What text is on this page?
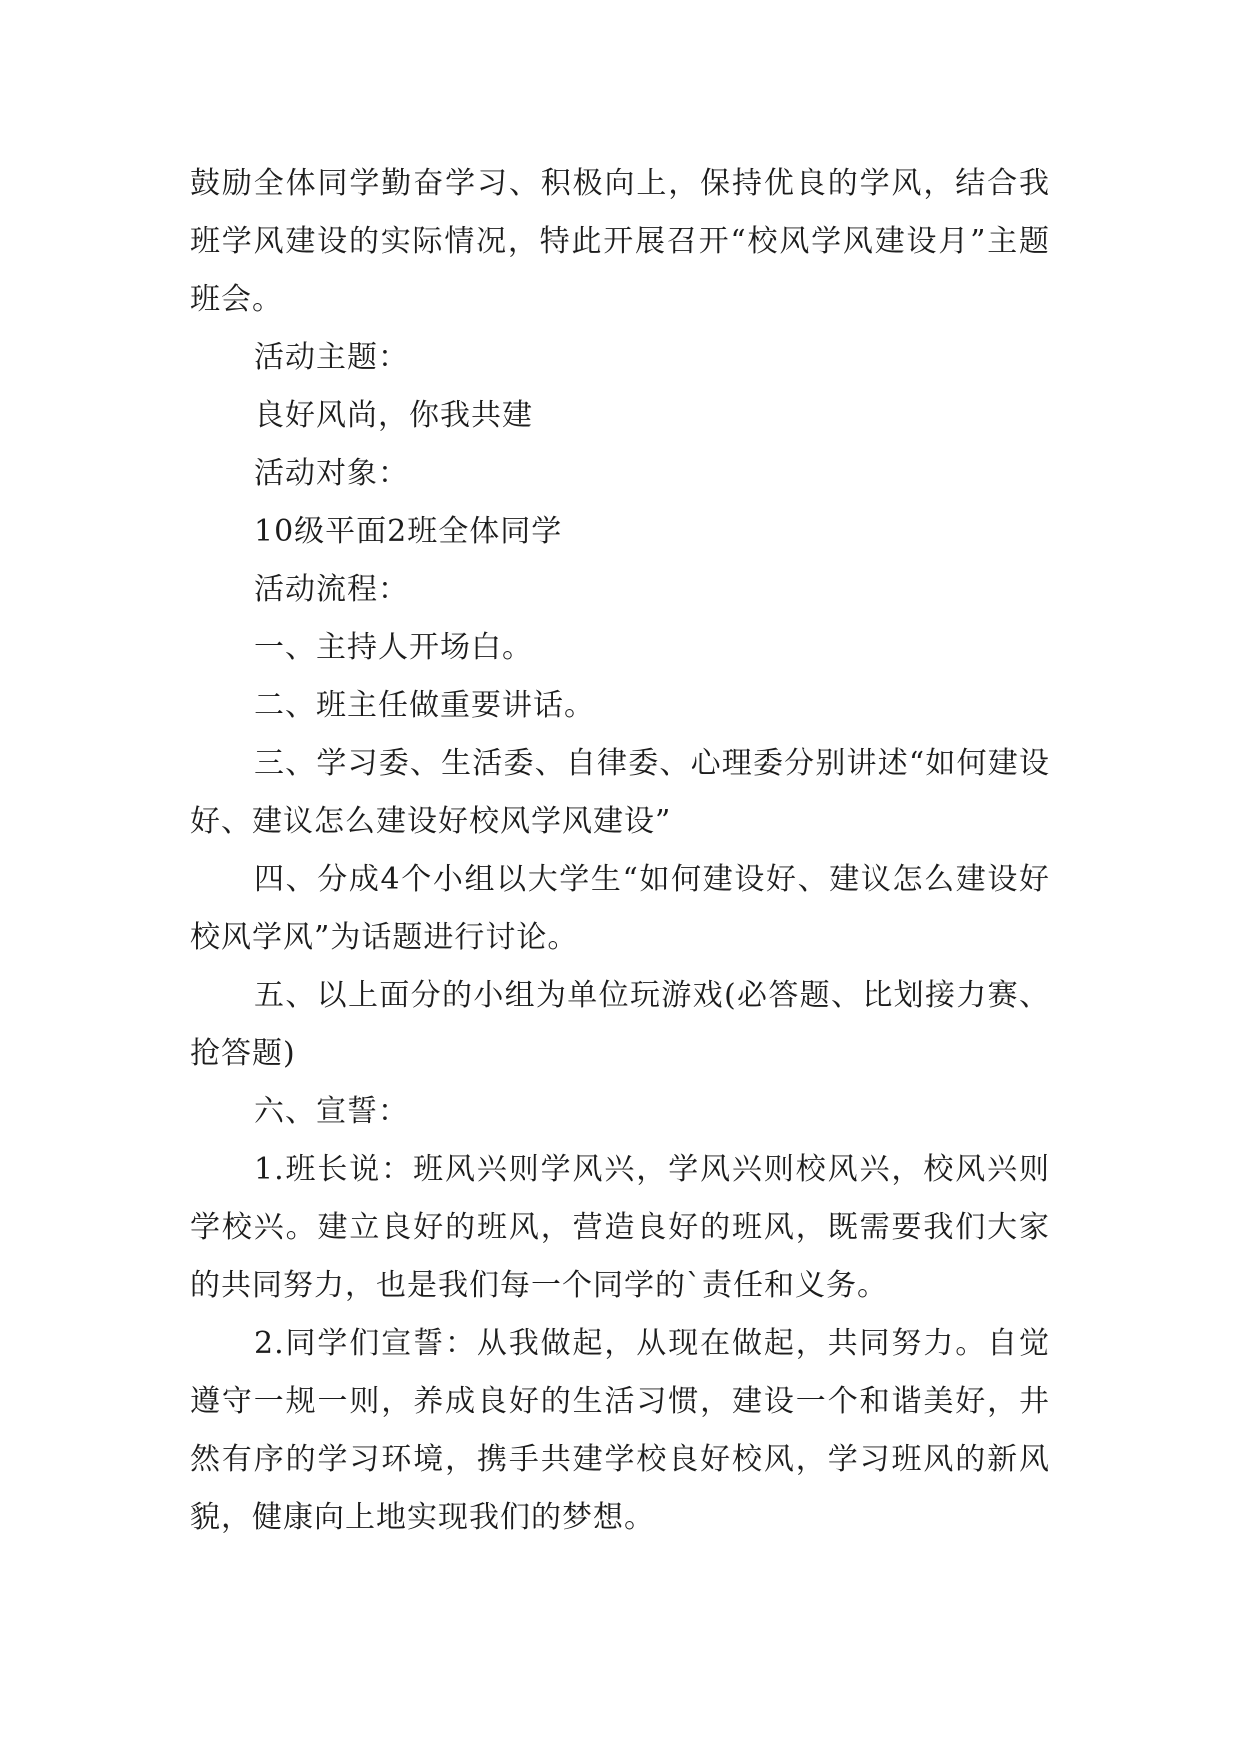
鼓励全体同学勤奋学习、积极向上，保持优良的学风，结合我班学风建设的实际情况，特此开展召开“校风学风建设月”主题班会。

活动主题：

良好风尚，你我共建

活动对象：

10级平面2班全体同学

活动流程：

一、主持人开场白。

二、班主任做重要讲话。

三、学习委、生活委、自律委、心理委分别讲述“如何建设好、建议怎么建设好校风学风建设”

四、分成4个小组以大学生“如何建设好、建议怎么建设好校风学风”为话题进行讨论。

五、以上面分的小组为单位玩游戏(必答题、比划接力赛、抢答题)

六、宣誓：

1.班长说：班风兴则学风兴，学风兴则校风兴，校风兴则学校兴。建立良好的班风，营造良好的班风，既需要我们大家的共同努力，也是我们每一个同学的`责任和义务。

2.同学们宣誓：从我做起，从现在做起，共同努力。自觉遵守一规一则，养成良好的生活习惯，建设一个和谐美好，井然有序的学习环境，携手共建学校良好校风，学习班风的新风貌，健康向上地实现我们的梦想。
